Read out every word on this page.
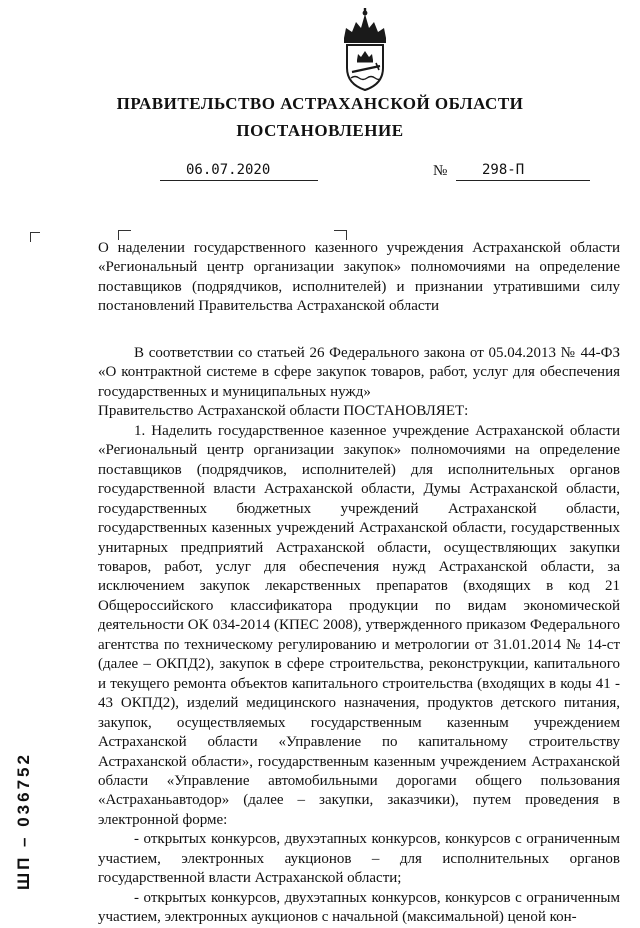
ПРАВИТЕЛЬСТВО АСТРАХАНСКОЙ ОБЛАСТИ
ПОСТАНОВЛЕНИЕ
06.07.2020	№ 298-П

О наделении государственного казенного учреждения Астраханской области «Региональный центр организации закупок» полномочиями на определение поставщиков (подрядчиков, исполнителей) и признании утратившими силу постановлений Правительства Астраханской области

В соответствии со статьей 26 Федерального закона от 05.04.2013 № 44-ФЗ «О контрактной системе в сфере закупок товаров, работ, услуг для обеспечения государственных и муниципальных нужд»

Правительство Астраханской области ПОСТАНОВЛЯЕТ:

1. Наделить государственное казенное учреждение Астраханской области «Региональный центр организации закупок» полномочиями на определение поставщиков (подрядчиков, исполнителей) для исполнительных органов государственной власти Астраханской области, Думы Астраханской области, государственных бюджетных учреждений Астраханской области, государственных казенных учреждений Астраханской области, государственных унитарных предприятий Астраханской области, осуществляющих закупки товаров, работ, услуг для обеспечения нужд Астраханской области, за исключением закупок лекарственных препаратов (входящих в код 21 Общероссийского классификатора продукции по видам экономической деятельности ОК 034-2014 (КПЕС 2008), утвержденного приказом Федерального агентства по техническому регулированию и метрологии от 31.01.2014 № 14-ст (далее – ОКПД2), закупок в сфере строительства, реконструкции, капитального и текущего ремонта объектов капитального строительства (входящих в коды 41 - 43 ОКПД2), изделий медицинского назначения, продуктов детского питания, закупок, осуществляемых государственным казенным учреждением Астраханской области «Управление по капитальному строительству Астраханской области», государственным казенным учреждением Астраханской области «Управление автомобильными дорогами общего пользования «Астраханьавтодор» (далее – закупки, заказчики), путем проведения в электронной форме:

- открытых конкурсов, двухэтапных конкурсов, конкурсов с ограниченным участием, электронных аукционов – для исполнительных органов государственной власти Астраханской области;

- открытых конкурсов, двухэтапных конкурсов, конкурсов с ограниченным участием, электронных аукционов с начальной (максимальной) ценой кон-

ШП – 036752
